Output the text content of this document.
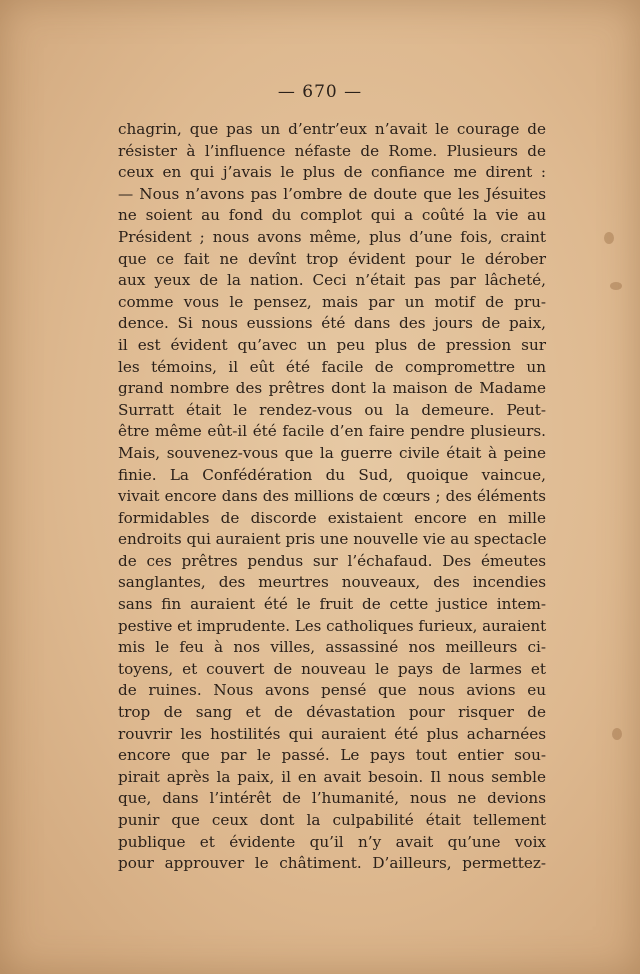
— 670 —
chagrin, que pas un d’entr’eux n’avait le courage de
résister à l’influence néfaste de Rome. Plusieurs de
ceux en qui j’avais le plus de confiance me dirent :
— Nous n’avons pas l’ombre de doute que les Jésuites
ne soient au fond du complot qui a coûté la vie au
Président ; nous avons même, plus d’une fois, craint
que ce fait ne devînt trop évident pour le dérober
aux yeux de la nation. Ceci n’était pas par lâcheté,
comme vous le pensez, mais par un motif de pru-
dence. Si nous eussions été dans des jours de paix,
il est évident qu’avec un peu plus de pression sur
les témoins, il eût été facile de compromettre un
grand nombre des prêtres dont la maison de Madame
Surratt était le rendez-vous ou la demeure. Peut-
être même eût-il été facile d’en faire pendre plusieurs.
Mais, souvenez-vous que la guerre civile était à peine
finie. La Confédération du Sud, quoique vaincue,
vivait encore dans des millions de cœurs ; des éléments
formidables de discorde existaient encore en mille
endroits qui auraient pris une nouvelle vie au spectacle
de ces prêtres pendus sur l’échafaud. Des émeutes
sanglantes, des meurtres nouveaux, des incendies
sans fin auraient été le fruit de cette justice intem-
pestive et imprudente. Les catholiques furieux, auraient
mis le feu à nos villes, assassiné nos meilleurs ci-
toyens, et couvert de nouveau le pays de larmes et
de ruines. Nous avons pensé que nous avions eu
trop de sang et de dévastation pour risquer de
rouvrir les hostilités qui auraient été plus acharnées
encore que par le passé. Le pays tout entier sou-
pirait après la paix, il en avait besoin. Il nous semble
que, dans l’intérêt de l’humanité, nous ne devions
punir que ceux dont la culpabilité était tellement
publique et évidente qu’il n’y avait qu’une voix
pour approuver le châtiment. D’ailleurs, permettez-
